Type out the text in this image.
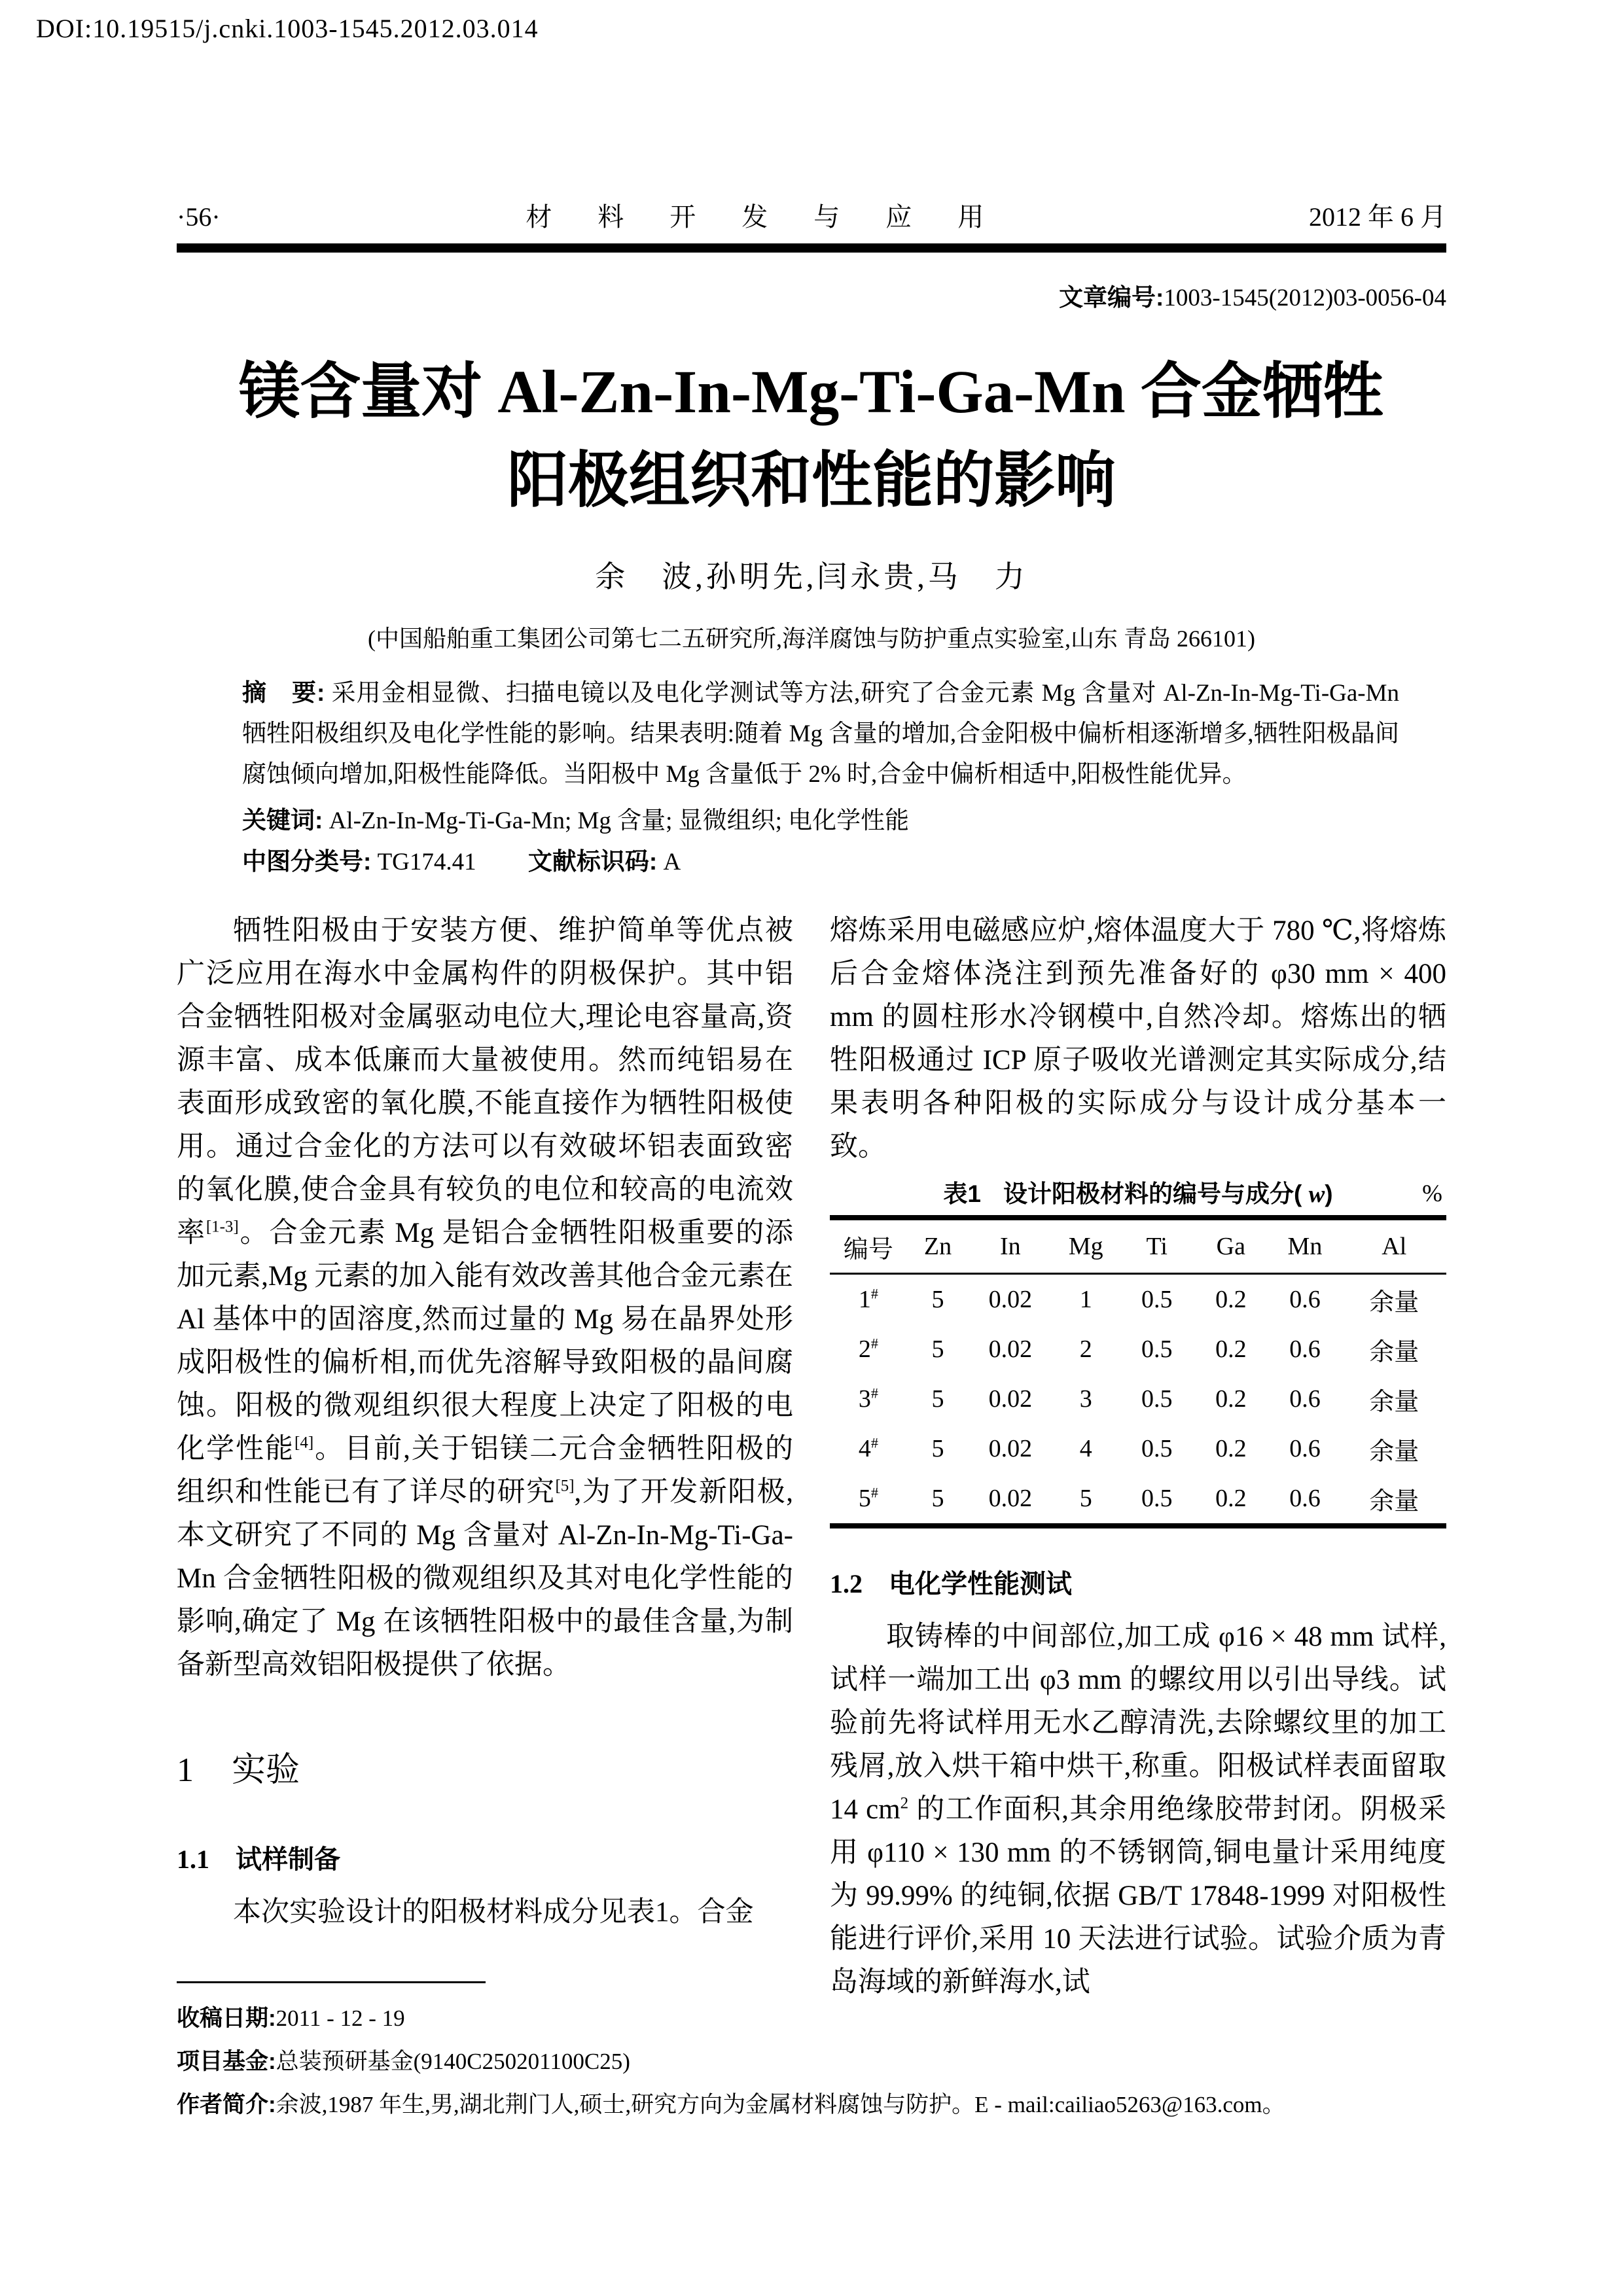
DOI:10.19515/j.cnki.1003-1545.2012.03.014
·56·	材 料 开 发 与 应 用	2012 年 6 月
文章编号:1003-1545(2012)03-0056-04
镁含量对 Al-Zn-In-Mg-Ti-Ga-Mn 合金牺牲
阳极组织和性能的影响
余　波,孙明先,闫永贵,马　力
(中国船舶重工集团公司第七二五研究所,海洋腐蚀与防护重点实验室,山东 青岛 266101)

摘　要: 采用金相显微、扫描电镜以及电化学测试等方法,研究了合金元素 Mg 含量对 Al-Zn-In-Mg-Ti-Ga-Mn 牺牲阳极组织及电化学性能的影响。结果表明:随着 Mg 含量的增加,合金阳极中偏析相逐渐增多,牺牲阳极晶间腐蚀倾向增加,阳极性能降低。当阳极中 Mg 含量低于 2% 时,合金中偏析相适中,阳极性能优异。

关键词: Al-Zn-In-Mg-Ti-Ga-Mn; Mg 含量; 显微组织; 电化学性能

中图分类号: TG174.41 文献标识码: A

牺牲阳极由于安装方便、维护简单等优点被广泛应用在海水中金属构件的阴极保护。其中铝合金牺牲阳极对金属驱动电位大,理论电容量高,资源丰富、成本低廉而大量被使用。然而纯铝易在表面形成致密的氧化膜,不能直接作为牺牲阳极使用。通过合金化的方法可以有效破坏铝表面致密的氧化膜,使合金具有较负的电位和较高的电流效率[1-3]。合金元素 Mg 是铝合金牺牲阳极重要的添加元素,Mg 元素的加入能有效改善其他合金元素在 Al 基体中的固溶度,然而过量的 Mg 易在晶界处形成阳极性的偏析相,而优先溶解导致阳极的晶间腐蚀。阳极的微观组织很大程度上决定了阳极的电化学性能[4]。目前,关于铝镁二元合金牺牲阳极的组织和性能已有了详尽的研究[5],为了开发新阳极,本文研究了不同的 Mg 含量对 Al-Zn-In-Mg-Ti-Ga-Mn 合金牺牲阳极的微观组织及其对电化学性能的影响,确定了 Mg 在该牺牲阳极中的最佳含量,为制备新型高效铝阳极提供了依据。

1 实验
1.1 试样制备

本次实验设计的阳极材料成分见表1。合金

熔炼采用电磁感应炉,熔体温度大于 780 ℃,将熔炼后合金熔体浇注到预先准备好的 φ30 mm × 400 mm 的圆柱形水冷钢模中,自然冷却。熔炼出的牺牲阳极通过 ICP 原子吸收光谱测定其实际成分,结果表明各种阳极的实际成分与设计成分基本一致。

表1 设计阳极材料的编号与成分( w)	%
编号	Zn	In	Mg	Ti	Ga	Mn	Al
1#	5	0.02	1	0.5	0.2	0.6	余量
2#	5	0.02	2	0.5	0.2	0.6	余量
3#	5	0.02	3	0.5	0.2	0.6	余量
4#	5	0.02	4	0.5	0.2	0.6	余量
5#	5	0.02	5	0.5	0.2	0.6	余量
1.2 电化学性能测试

取铸棒的中间部位,加工成 φ16 × 48 mm 试样,试样一端加工出 φ3 mm 的螺纹用以引出导线。试验前先将试样用无水乙醇清洗,去除螺纹里的加工残屑,放入烘干箱中烘干,称重。阳极试样表面留取 14 $cm^2$ 的工作面积,其余用绝缘胶带封闭。阴极采用 φ110 × 130 mm 的不锈钢筒,铜电量计采用纯度为 99.99% 的纯铜,依据 GB/T 17848-1999 对阳极性能进行评价,采用 10 天法进行试验。试验介质为青岛海域的新鲜海水,试

收稿日期:2011 - 12 - 19

项目基金:总装预研基金(9140C250201100C25)

作者简介:余波,1987 年生,男,湖北荆门人,硕士,研究方向为金属材料腐蚀与防护。E - mail:cailiao5263@163.com。
